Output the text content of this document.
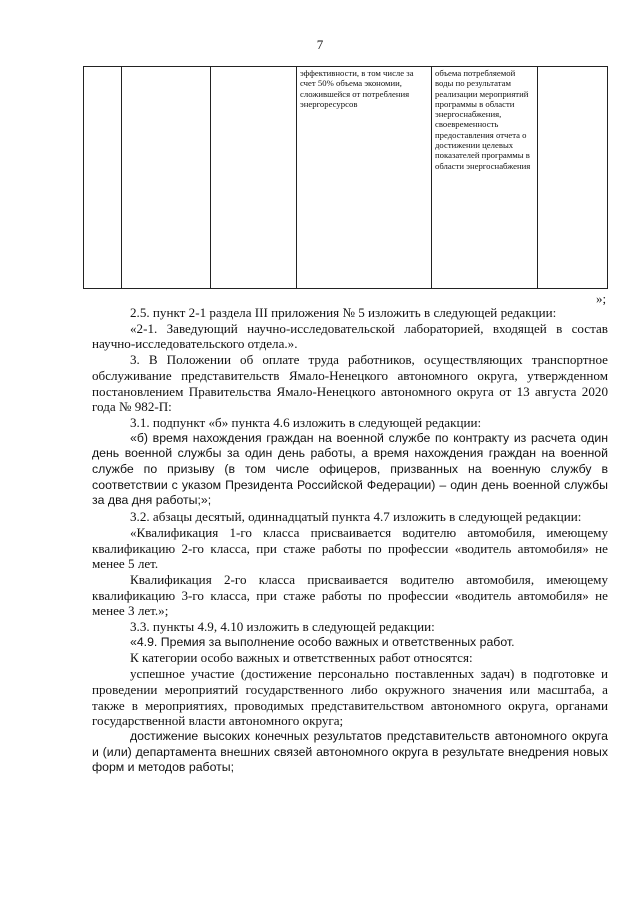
7
			эффективности, в том числе за счет 50% объема экономии, сложившейся от потребления энергоресурсов	объема потребляемой воды по результатам реализации мероприятий программы в области энергоснабжения, своевременность предоставления отчета о достижении целевых показателей программы в области энергоснабжения	
»;

2.5. пункт 2-1 раздела III приложения № 5 изложить в следующей редакции:

«2-1. Заведующий научно-исследовательской лабораторией, входящей в состав научно-исследовательского отдела.».

3. В Положении об оплате труда работников, осуществляющих транспортное обслуживание представительств Ямало-Ненецкого автономного округа, утвержденном постановлением Правительства Ямало-Ненецкого автономного округа от 13 августа 2020 года № 982-П:

3.1. подпункт «б» пункта 4.6 изложить в следующей редакции:

«б) время нахождения граждан на военной службе по контракту из расчета один день военной службы за один день работы, а время нахождения граждан на военной службе по призыву (в том числе офицеров, призванных на военную службу в соответствии с указом Президента Российской Федерации) – один день военной службы за два дня работы;»;

3.2. абзацы десятый, одиннадцатый пункта 4.7 изложить в следующей редакции:

«Квалификация 1-го класса присваивается водителю автомобиля, имеющему квалификацию 2-го класса, при стаже работы по профессии «водитель автомобиля» не менее 5 лет.

Квалификация 2-го класса присваивается водителю автомобиля, имеющему квалификацию 3-го класса, при стаже работы по профессии «водитель автомобиля» не менее 3 лет.»;

3.3. пункты 4.9, 4.10 изложить в следующей редакции:

«4.9. Премия за выполнение особо важных и ответственных работ.

К категории особо важных и ответственных работ относятся:

успешное участие (достижение персонально поставленных задач) в подготовке и проведении мероприятий государственного либо окружного значения или масштаба, а также в мероприятиях, проводимых представительством автономного округа, органами государственной власти автономного округа;

достижение высоких конечных результатов представительств автономного округа и (или) департамента внешних связей автономного округа в результате внедрения новых форм и методов работы;
